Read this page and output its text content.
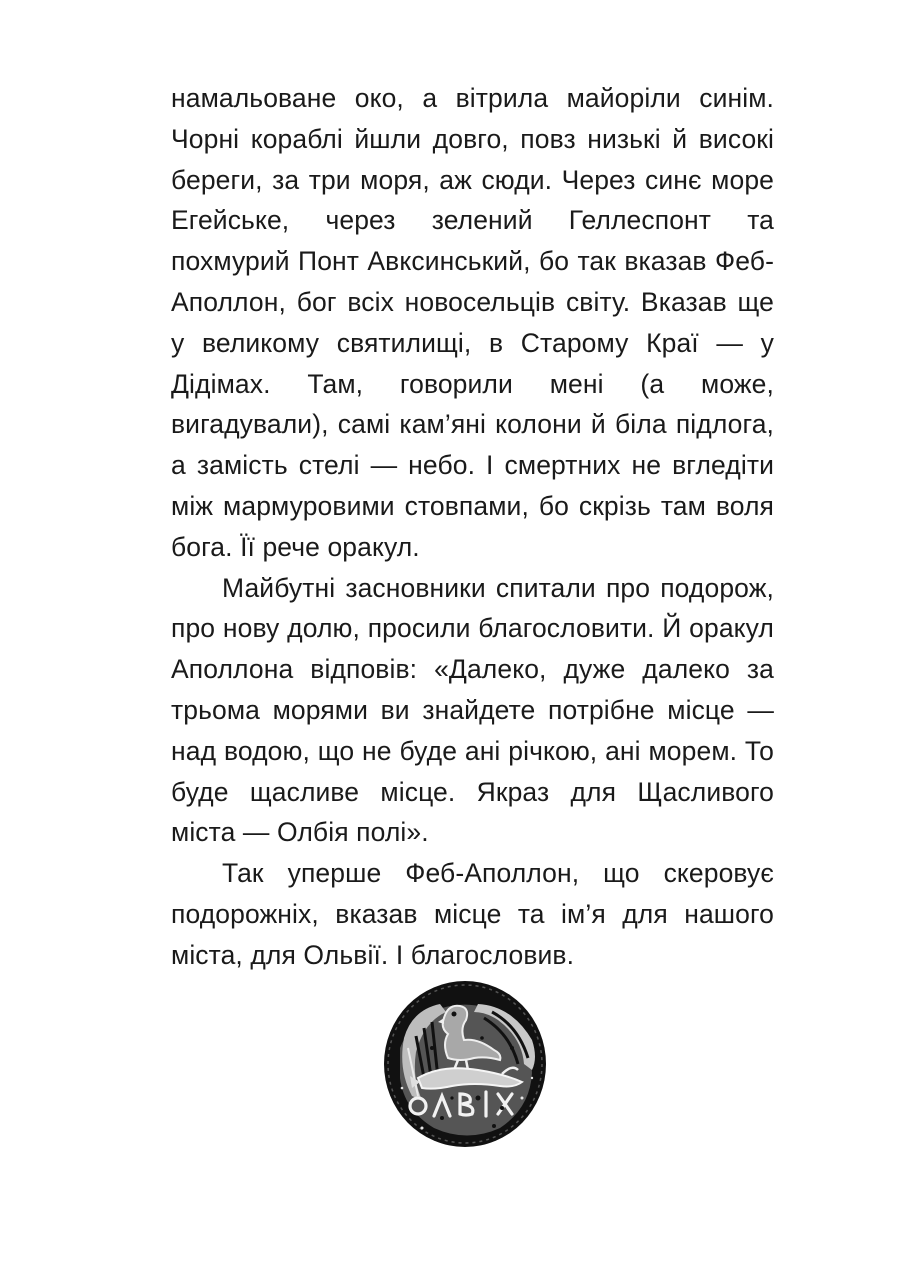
намальоване око, а вітрила майоріли синім. Чорні кораблі йшли довго, повз низькі й високі береги, за три моря, аж сюди. Через синє море Егейське, через зелений Геллеспонт та похмурий Понт Авксинський, бо так вказав Феб-Аполлон, бог всіх новосельців світу. Вказав ще у великому святилищі, в Старому Краї — у Дідімах. Там, говорили мені (а може, вигадували), самі кам’яні колони й біла підлога, а замість стелі — небо. І смертних не вгледіти між мармуровими стовпами, бо скрізь там воля бога. Її рече оракул.

Майбутні засновники спитали про подорож, про нову долю, просили благословити. Й оракул Аполлона відповів: «Далеко, дуже далеко за трьома морями ви знайдете потрібне місце — над водою, що не буде ані річкою, ані морем. То буде щасливе місце. Якраз для Щасливого міста — Олбія полі».

Так уперше Феб-Аполлон, що скеровує подорожніх, вказав місце та ім’я для нашого міста, для Ольвії. І благословив.
